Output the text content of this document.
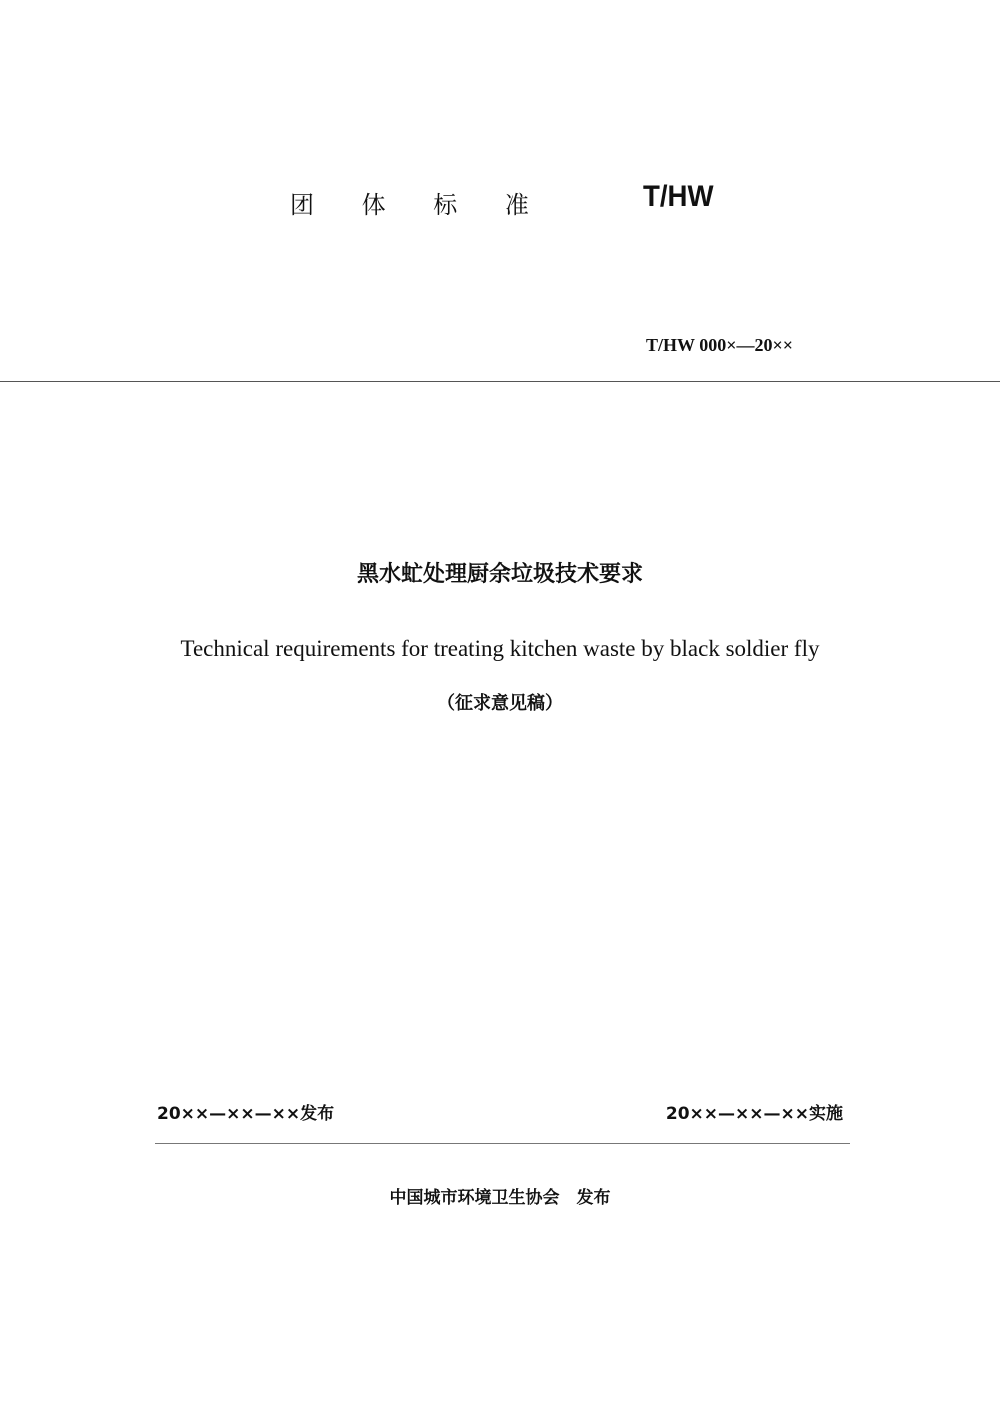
团 体 标 准	T/HW
T/HW 000×—20××
黑水虻处理厨余垃圾技术要求
Technical requirements for treating kitchen waste by black soldier fly
（征求意见稿）
20××—××—××发布	20××—××—××实施
中国城市环境卫生协会　发布
